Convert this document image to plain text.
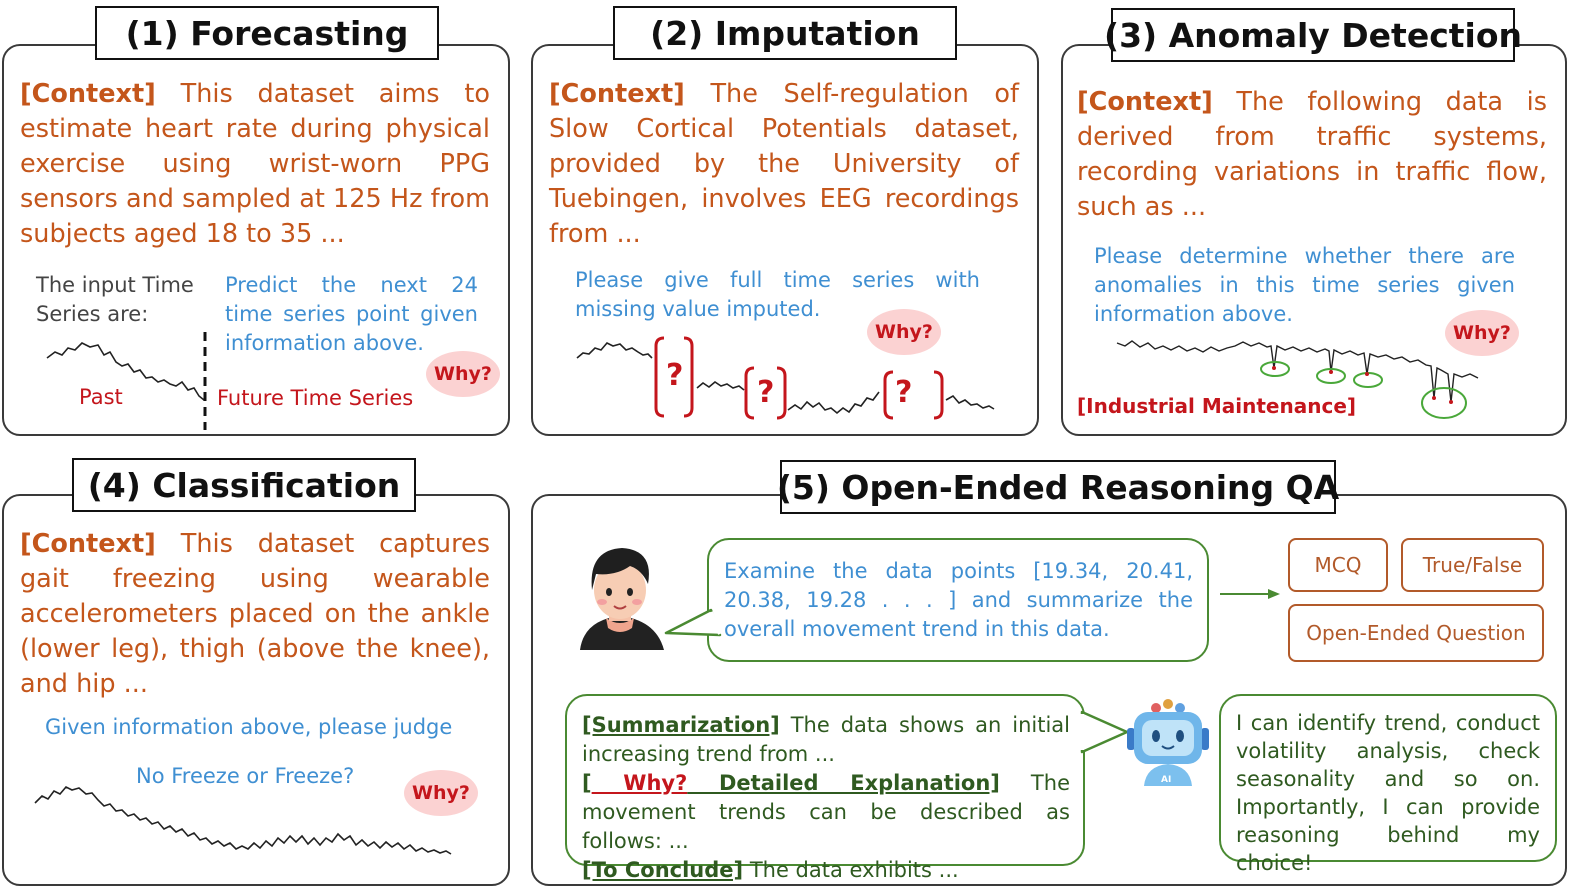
(1) Forecasting	(2) Imputation	(3) Anomaly Detection
(4) Classification	(5) Open-Ended Reasoning QA
[Context] This dataset aims to estimate heart rate during physical exercise using wrist-worn PPG sensors and sampled at 125 Hz from subjects aged 18 to 35 ...
The input Time Series are:
Predict the next 24 time series point given information above.
Past	Future Time Series
Why?
[Context] The Self-regulation of Slow Cortical Potentials dataset, provided by the University of Tuebingen, involves EEG recordings from ...
Please give full time series with missing value imputed.
Why?
? ?	?
[Context] The following data is derived from traffic systems, recording variations in traffic flow, such as ...
Please determine whether there are anomalies in this time series given information above.
Why?
[Industrial Maintenance]
[Context] This dataset captures gait freezing using wearable accelerometers placed on the ankle (lower leg), thigh (above the knee), and hip ...
Given information above, please judge
No Freeze or Freeze?
Why?
Examine the data points [19.34, 20.41, 20.38, 19.28 . . . ] and summarize the overall movement trend in this data.
MCQ	True/False
Open-Ended Question
[Summarization] The data shows an initial increasing trend from ...
[ Why? Detailed Explanation] The movement trends can be described as follows: ...
[To Conclude] The data exhibits ...
I can identify trend, conduct volatility analysis, check seasonality and so on. Importantly, I can provide reasoning behind my choice!
AI
